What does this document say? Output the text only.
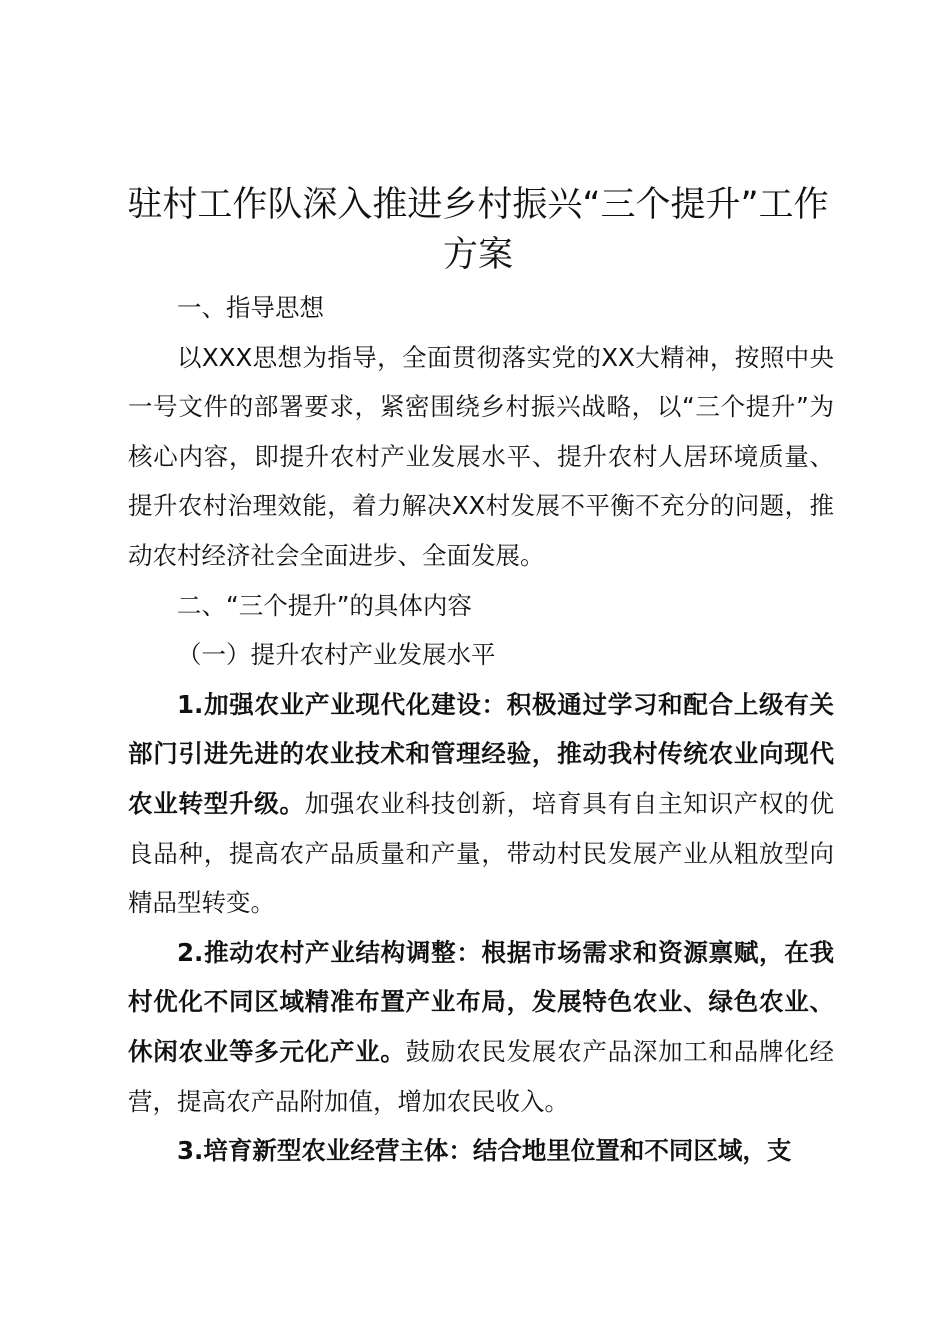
驻村工作队深入推进乡村振兴“三个提升”工作方案

一、指导思想

以XXX思想为指导，全面贯彻落实党的XX大精神，按照中央一号文件的部署要求，紧密围绕乡村振兴战略，以“三个提升”为核心内容，即提升农村产业发展水平、提升农村人居环境质量、提升农村治理效能，着力解决XX村发展不平衡不充分的问题，推动农村经济社会全面进步、全面发展。

二、“三个提升”的具体内容

（一）提升农村产业发展水平

1.加强农业产业现代化建设：积极通过学习和配合上级有关部门引进先进的农业技术和管理经验，推动我村传统农业向现代农业转型升级。加强农业科技创新，培育具有自主知识产权的优良品种，提高农产品质量和产量，带动村民发展产业从粗放型向精品型转变。

2.推动农村产业结构调整：根据市场需求和资源禀赋，在我村优化不同区域精准布置产业布局，发展特色农业、绿色农业、休闲农业等多元化产业。鼓励农民发展农产品深加工和品牌化经营，提高农产品附加值，增加农民收入。

3.培育新型农业经营主体：结合地里位置和不同区域，支
